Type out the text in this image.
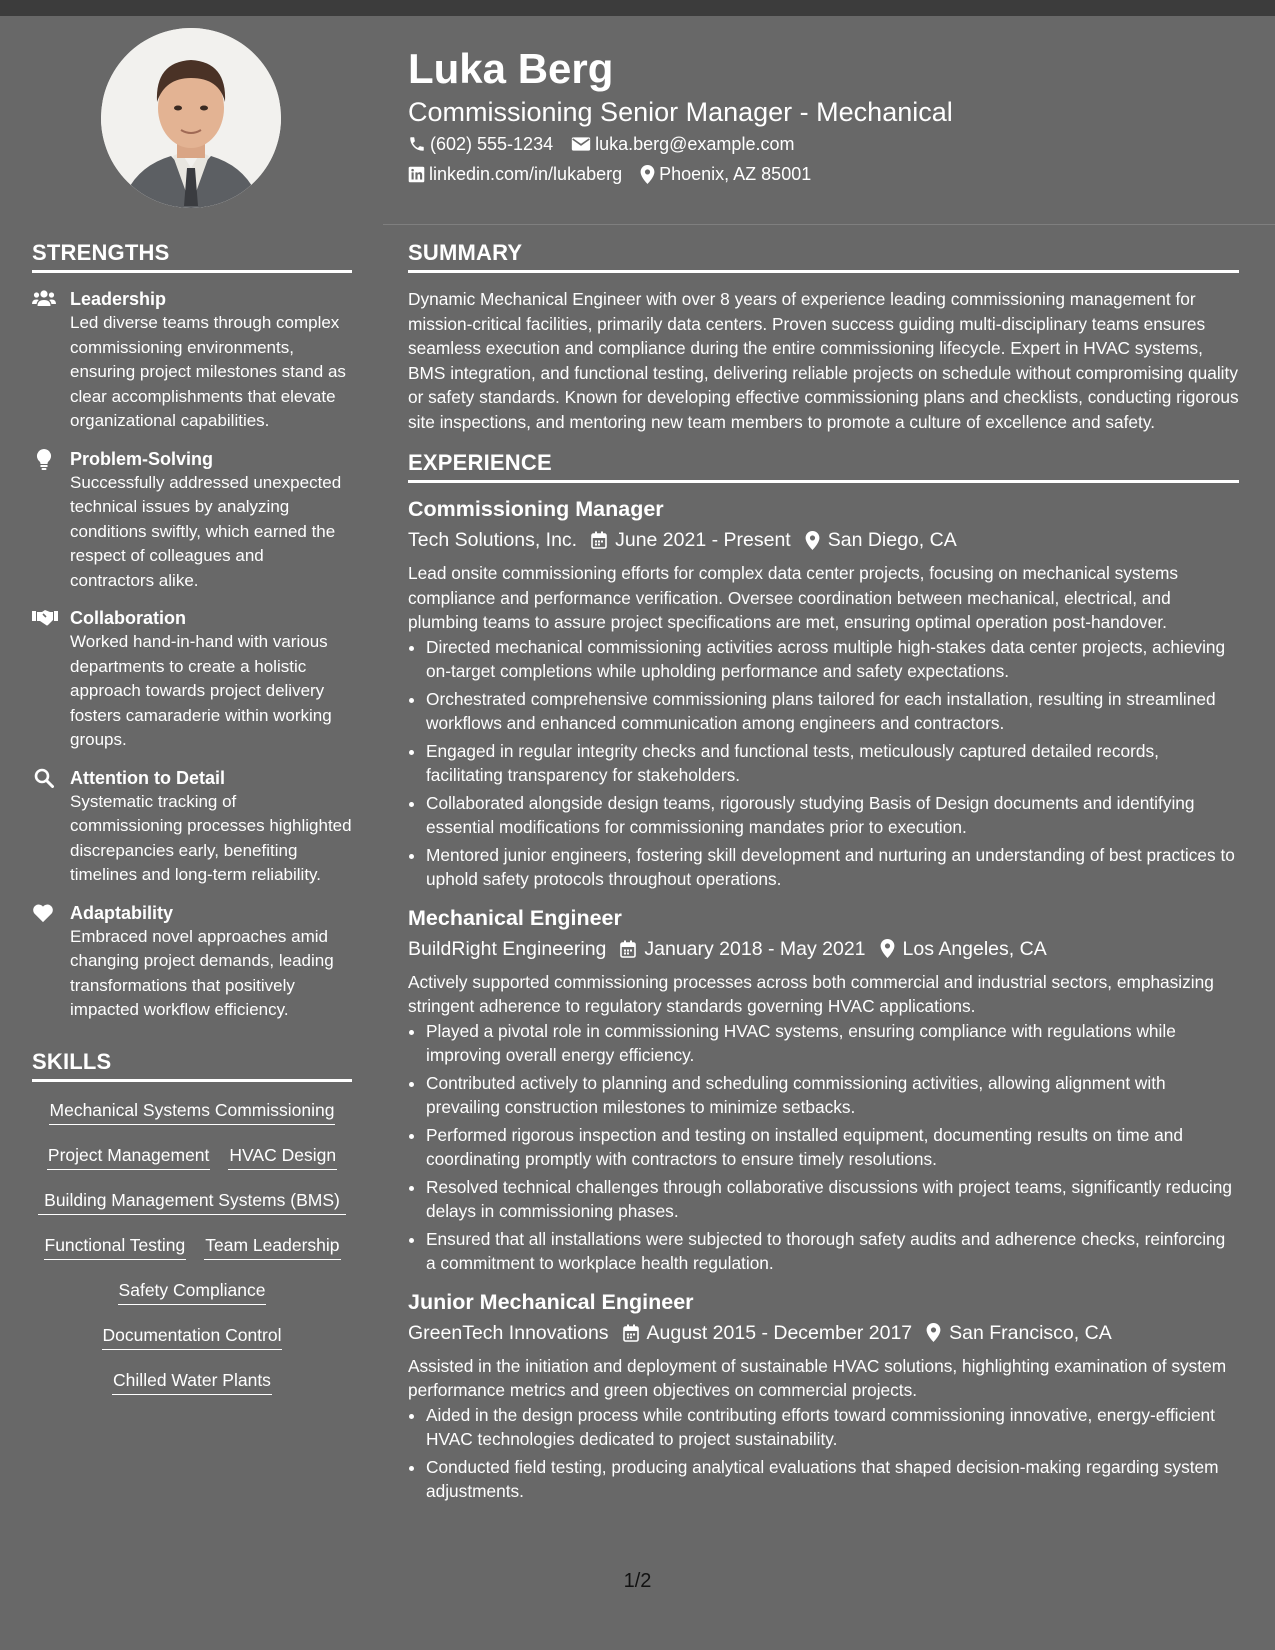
Luka Berg
Commissioning Senior Manager - Mechanical
(602) 555-1234 luka.berg@example.com
linkedin.com/in/lukaberg Phoenix, AZ 85001
STRENGTHS
Leadership
Led diverse teams through complex commissioning environments, ensuring project milestones stand as clear accomplishments that elevate organizational capabilities.
Problem-Solving
Successfully addressed unexpected technical issues by analyzing conditions swiftly, which earned the respect of colleagues and contractors alike.
Collaboration
Worked hand-in-hand with various departments to create a holistic approach towards project delivery fosters camaraderie within working groups.
Attention to Detail
Systematic tracking of commissioning processes highlighted discrepancies early, benefiting timelines and long-term reliability.
Adaptability
Embraced novel approaches amid changing project demands, leading transformations that positively impacted workflow efficiency.
SKILLS
Mechanical Systems Commissioning
Project Management HVAC Design
Building Management Systems (BMS)
Functional Testing Team Leadership
Safety Compliance
Documentation Control
Chilled Water Plants
SUMMARY
Dynamic Mechanical Engineer with over 8 years of experience leading commissioning management for mission-critical facilities, primarily data centers. Proven success guiding multi-disciplinary teams ensures seamless execution and compliance during the entire commissioning lifecycle. Expert in HVAC systems, BMS integration, and functional testing, delivering reliable projects on schedule without compromising quality or safety standards. Known for developing effective commissioning plans and checklists, conducting rigorous site inspections, and mentoring new team members to promote a culture of excellence and safety.
EXPERIENCE
Commissioning Manager
Tech Solutions, Inc. June 2021 - Present San Diego, CA
Lead onsite commissioning efforts for complex data center projects, focusing on mechanical systems compliance and performance verification. Oversee coordination between mechanical, electrical, and plumbing teams to assure project specifications are met, ensuring optimal operation post-handover.
• Directed mechanical commissioning activities across multiple high-stakes data center projects, achieving on-target completions while upholding performance and safety expectations.
• Orchestrated comprehensive commissioning plans tailored for each installation, resulting in streamlined workflows and enhanced communication among engineers and contractors.
• Engaged in regular integrity checks and functional tests, meticulously captured detailed records, facilitating transparency for stakeholders.
• Collaborated alongside design teams, rigorously studying Basis of Design documents and identifying essential modifications for commissioning mandates prior to execution.
• Mentored junior engineers, fostering skill development and nurturing an understanding of best practices to uphold safety protocols throughout operations.
Mechanical Engineer
BuildRight Engineering January 2018 - May 2021 Los Angeles, CA
Actively supported commissioning processes across both commercial and industrial sectors, emphasizing stringent adherence to regulatory standards governing HVAC applications.
• Played a pivotal role in commissioning HVAC systems, ensuring compliance with regulations while improving overall energy efficiency.
• Contributed actively to planning and scheduling commissioning activities, allowing alignment with prevailing construction milestones to minimize setbacks.
• Performed rigorous inspection and testing on installed equipment, documenting results on time and coordinating promptly with contractors to ensure timely resolutions.
• Resolved technical challenges through collaborative discussions with project teams, significantly reducing delays in commissioning phases.
• Ensured that all installations were subjected to thorough safety audits and adherence checks, reinforcing a commitment to workplace health regulation.
Junior Mechanical Engineer
GreenTech Innovations August 2015 - December 2017 San Francisco, CA
Assisted in the initiation and deployment of sustainable HVAC solutions, highlighting examination of system performance metrics and green objectives on commercial projects.
• Aided in the design process while contributing efforts toward commissioning innovative, energy-efficient HVAC technologies dedicated to project sustainability.
• Conducted field testing, producing analytical evaluations that shaped decision-making regarding system adjustments.
1/2
